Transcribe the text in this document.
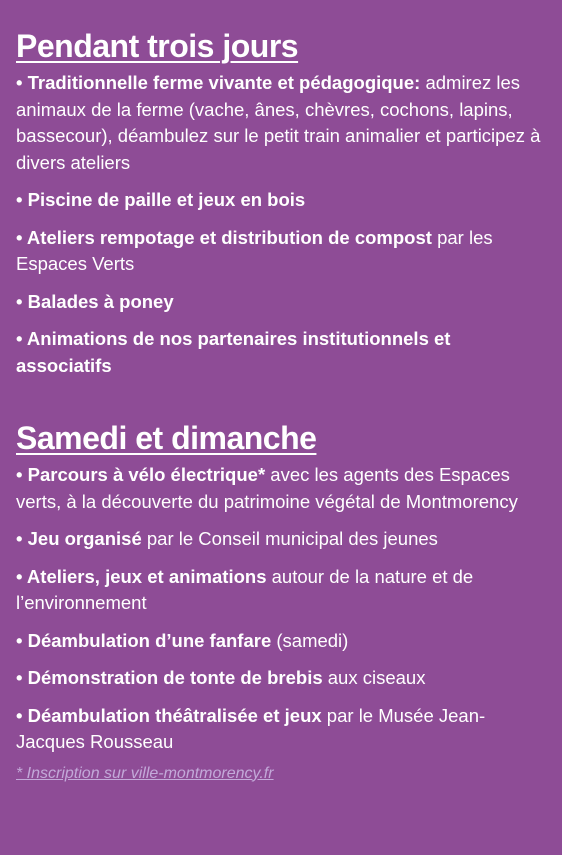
Pendant trois jours

• Traditionnelle ferme vivante et pédagogique: admirez les animaux de la ferme (vache, ânes, chèvres, cochons, lapins, bassecour), déambulez sur le petit train animalier et participez à divers ateliers

• Piscine de paille et jeux en bois

• Ateliers rempotage et distribution de compost par les Espaces Verts

• Balades à poney

• Animations de nos partenaires institutionnels et associatifs

Samedi et dimanche

• Parcours à vélo électrique* avec les agents des Espaces verts, à la découverte du patrimoine végétal de Montmorency

• Jeu organisé par le Conseil municipal des jeunes

• Ateliers, jeux et animations autour de la nature et de l’environnement

• Déambulation d’une fanfare (samedi)

• Démonstration de tonte de brebis aux ciseaux

• Déambulation théâtralisée et jeux par le Musée Jean-Jacques Rousseau

* Inscription sur ville-montmorency.fr
